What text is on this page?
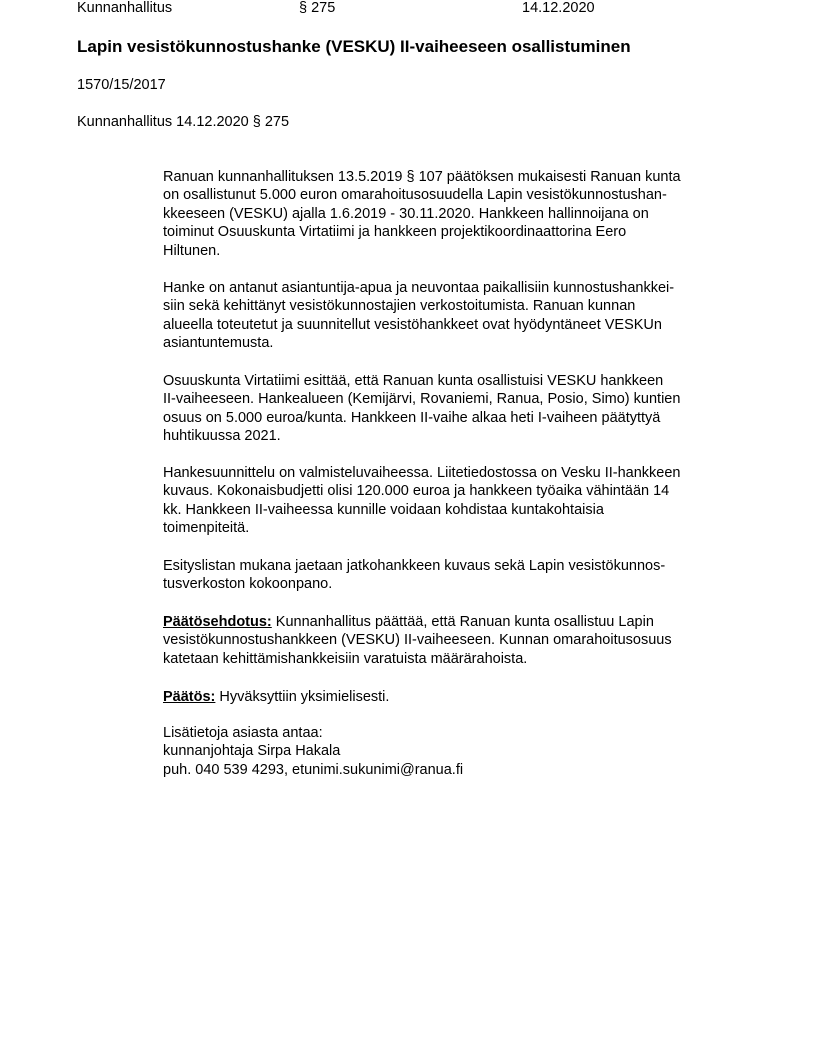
Kunnanhallitus	§ 275	14.12.2020
Lapin vesistökunnostushanke (VESKU) II-vaiheeseen osallistuminen
1570/15/2017
Kunnanhallitus 14.12.2020 § 275
Ranuan kunnanhallituksen 13.5.2019 § 107 päätöksen mukaisesti Ranuan kunta
on osallistunut 5.000 euron omarahoitusosuudella Lapin vesistökunnostushan-
kkeeseen (VESKU) ajalla 1.6.2019 - 30.11.2020. Hankkeen hallinnoijana on
toiminut Osuuskunta Virtatiimi ja hankkeen projektikoordinaattorina Eero
Hiltunen.
Hanke on antanut asiantuntija-apua ja neuvontaa paikallisiin kunnostushankkei-
siin sekä kehittänyt vesistökunnostajien verkostoitumista. Ranuan kunnan
alueella toteutetut ja suunnitellut vesistöhankkeet ovat hyödyntäneet VESKUn
asiantuntemusta.
Osuuskunta Virtatiimi esittää, että Ranuan kunta osallistuisi VESKU hankkeen
II-vaiheeseen. Hankealueen (Kemijärvi, Rovaniemi, Ranua, Posio, Simo) kuntien
osuus on 5.000 euroa/kunta. Hankkeen II-vaihe alkaa heti I-vaiheen päätyttyä
huhtikuussa 2021.
Hankesuunnittelu on valmisteluvaiheessa. Liitetiedostossa on Vesku II-hankkeen
kuvaus. Kokonaisbudjetti olisi 120.000 euroa ja hankkeen työaika vähintään 14
kk. Hankkeen II-vaiheessa kunnille voidaan kohdistaa kuntakohtaisia
toimenpiteitä.
Esityslistan mukana jaetaan jatkohankkeen kuvaus sekä Lapin vesistökunnos-
tusverkoston kokoonpano.
Päätösehdotus: Kunnanhallitus päättää, että Ranuan kunta osallistuu Lapin
vesistökunnostushankkeen (VESKU) II-vaiheeseen. Kunnan omarahoitusosuus
katetaan kehittämishankkeisiin varatuista määrärahoista.
Päätös: Hyväksyttiin yksimielisesti.
Lisätietoja asiasta antaa:
kunnanjohtaja Sirpa Hakala
puh. 040 539 4293, etunimi.sukunimi@ranua.fi
